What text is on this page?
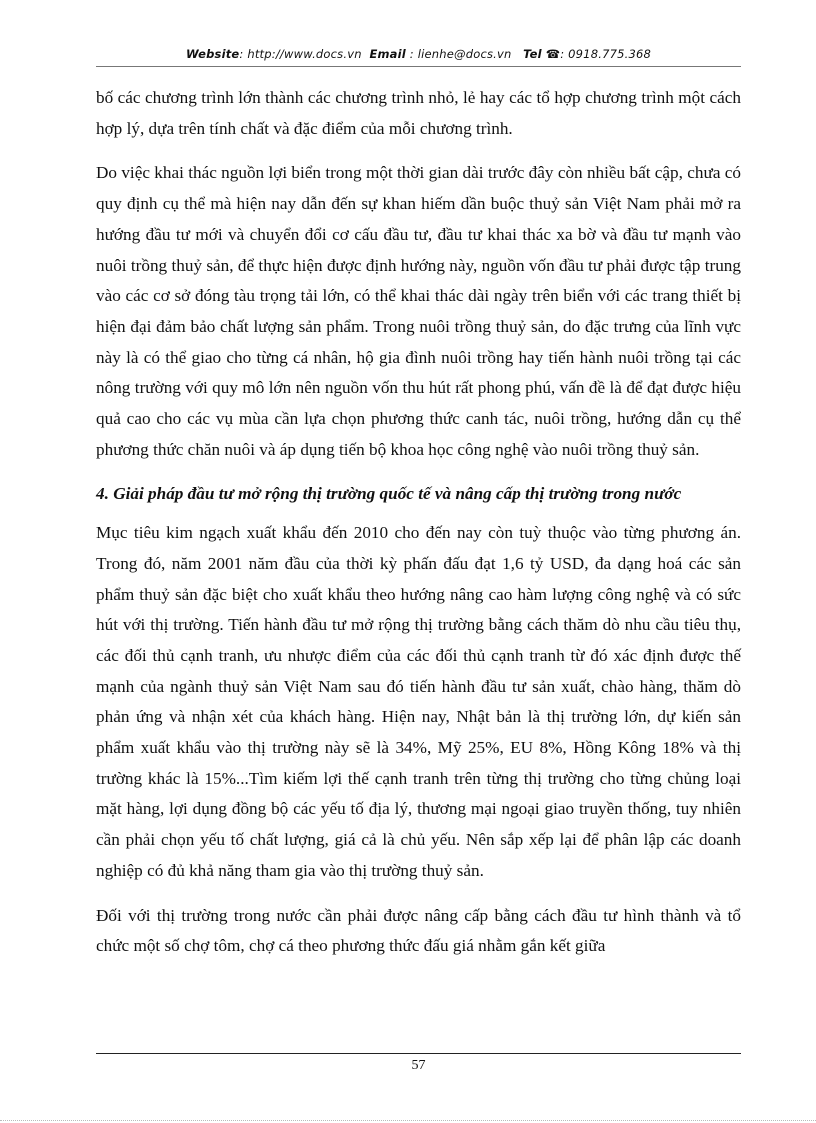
Website: http://www.docs.vn Email : lienhe@docs.vn Tel ☎: 0918.775.368

bố các chương trình lớn thành các chương trình nhỏ, lẻ hay các tổ hợp chương trình một cách hợp lý, dựa trên tính chất và đặc điểm của mỗi chương trình.

Do việc khai thác nguồn lợi biển trong một thời gian dài trước đây còn nhiều bất cập, chưa có quy định cụ thể mà hiện nay dẫn đến sự khan hiếm dần buộc thuỷ sản Việt Nam phải mở ra hướng đầu tư mới và chuyển đổi cơ cấu đầu tư, đầu tư khai thác xa bờ và đầu tư mạnh vào nuôi trồng thuỷ sản, để thực hiện được định hướng này, nguồn vốn đầu tư phải được tập trung vào các cơ sở đóng tàu trọng tải lớn, có thể khai thác dài ngày trên biển với các trang thiết bị hiện đại đảm bảo chất lượng sản phẩm. Trong nuôi trồng thuỷ sản, do đặc trưng của lĩnh vực này là có thể giao cho từng cá nhân, hộ gia đình nuôi trồng hay tiến hành nuôi trồng tại các nông trường với quy mô lớn nên nguồn vốn thu hút rất phong phú, vấn đề là để đạt được hiệu quả cao cho các vụ mùa cần lựa chọn phương thức canh tác, nuôi trồng, hướng dẫn cụ thể phương thức chăn nuôi và áp dụng tiến bộ khoa học công nghệ vào nuôi trồng thuỷ sản.

4. Giải pháp đầu tư mở rộng thị trường quốc tế và nâng cấp thị trường trong nước

Mục tiêu kim ngạch xuất khẩu đến 2010 cho đến nay còn tuỳ thuộc vào từng phương án. Trong đó, năm 2001 năm đầu của thời kỳ phấn đấu đạt 1,6 tỷ USD, đa dạng hoá các sản phẩm thuỷ sản đặc biệt cho xuất khẩu theo hướng nâng cao hàm lượng công nghệ và có sức hút với thị trường. Tiến hành đầu tư mở rộng thị trường bằng cách thăm dò nhu cầu tiêu thụ, các đối thủ cạnh tranh, ưu nhược điểm của các đối thủ cạnh tranh từ đó xác định được thế mạnh của ngành thuỷ sản Việt Nam sau đó tiến hành đầu tư sản xuất, chào hàng, thăm dò phản ứng và nhận xét của khách hàng. Hiện nay, Nhật bản là thị trường lớn, dự kiến sản phẩm xuất khẩu vào thị trường này sẽ là 34%, Mỹ 25%, EU 8%, Hồng Kông 18% và thị trường khác là 15%...Tìm kiếm lợi thế cạnh tranh trên từng thị trường cho từng chủng loại mặt hàng, lợi dụng đồng bộ các yếu tố địa lý, thương mại ngoại giao truyền thống, tuy nhiên cần phải chọn yếu tố chất lượng, giá cả là chủ yếu. Nên sắp xếp lại để phân lập các doanh nghiệp có đủ khả năng tham gia vào thị trường thuỷ sản.

Đối với thị trường trong nước cần phải được nâng cấp bằng cách đầu tư hình thành và tổ chức một số chợ tôm, chợ cá theo phương thức đấu giá nhằm gắn kết giữa

57
